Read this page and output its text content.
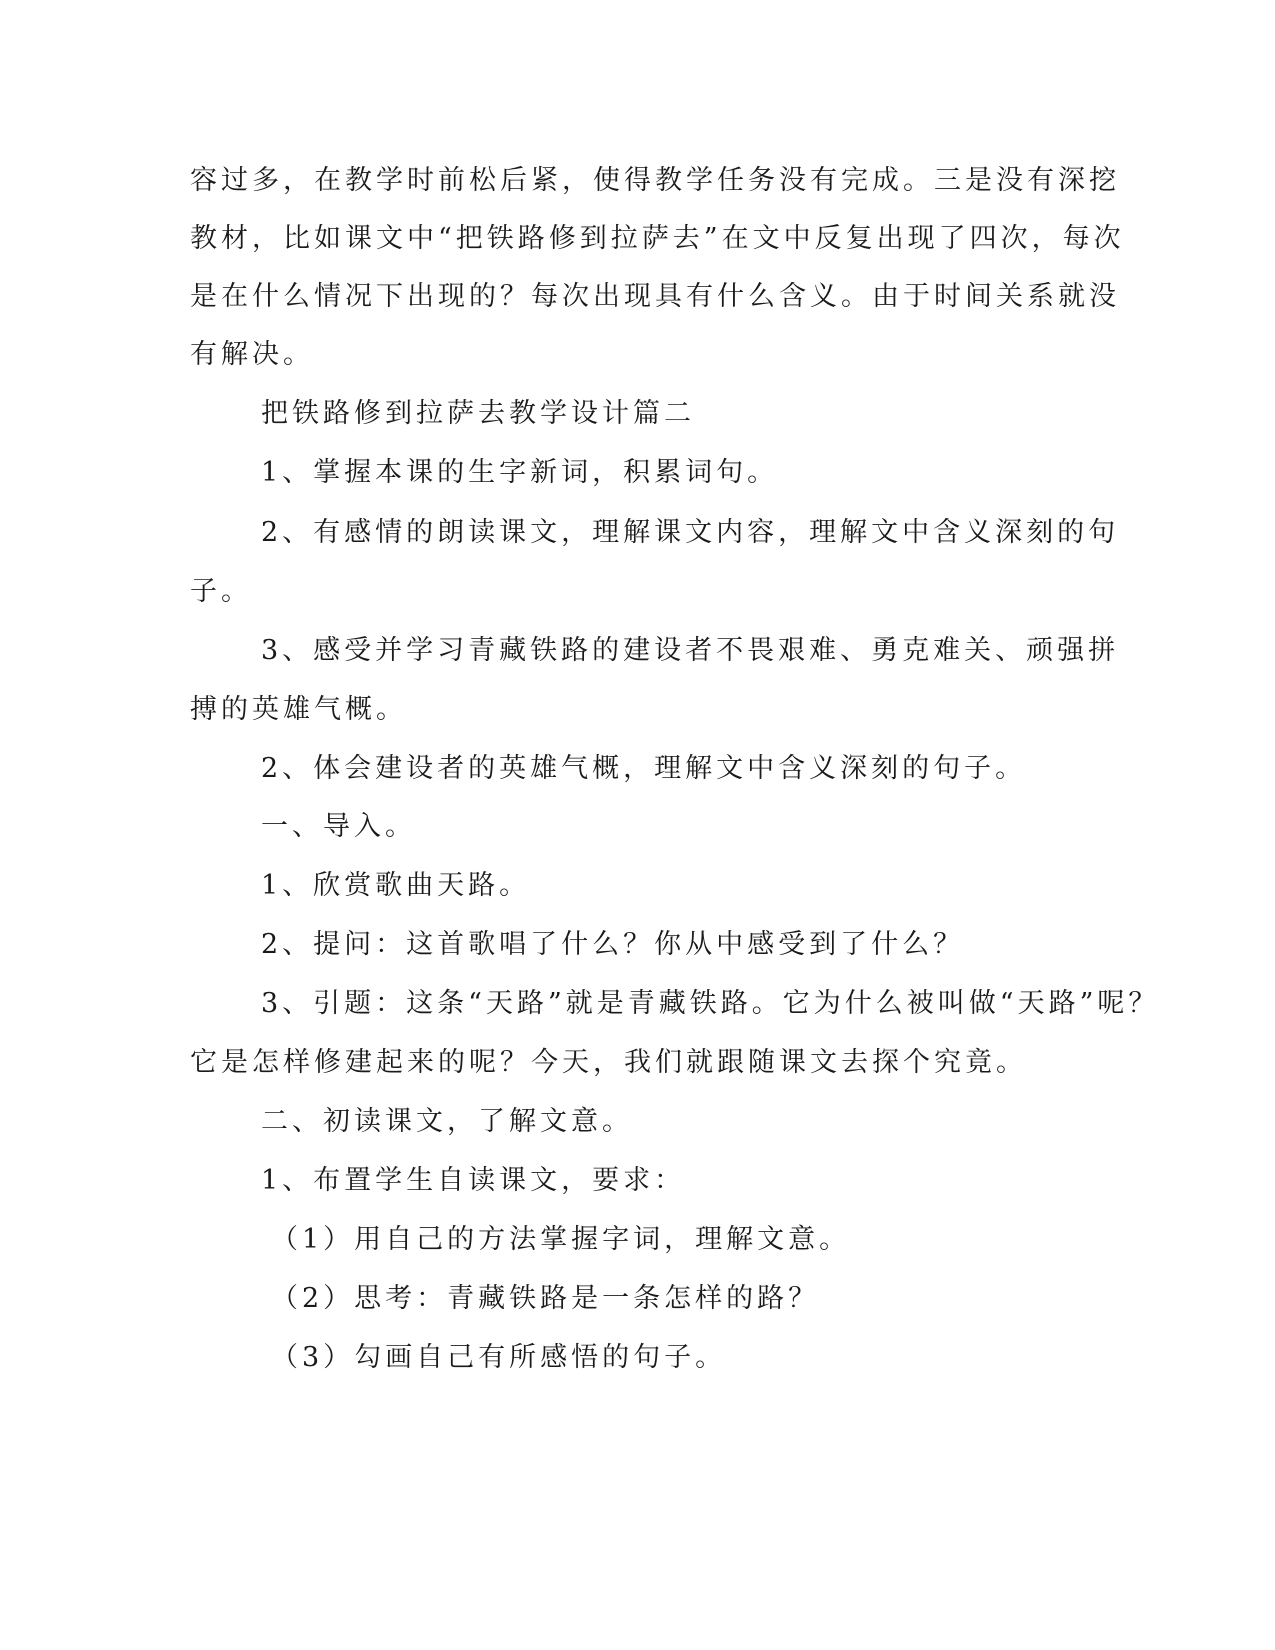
容过多，在教学时前松后紧，使得教学任务没有完成。三是没有深挖
教材，比如课文中“把铁路修到拉萨去”在文中反复出现了四次，每次
是在什么情况下出现的？每次出现具有什么含义。由于时间关系就没
有解决。
把铁路修到拉萨去教学设计篇二
1、掌握本课的生字新词，积累词句。
2、有感情的朗读课文，理解课文内容，理解文中含义深刻的句
子。
3、感受并学习青藏铁路的建设者不畏艰难、勇克难关、顽强拼
搏的英雄气概。
2、体会建设者的英雄气概，理解文中含义深刻的句子。
一、导入。
1、欣赏歌曲天路。
2、提问：这首歌唱了什么？你从中感受到了什么？
3、引题：这条“天路”就是青藏铁路。它为什么被叫做“天路”呢？
它是怎样修建起来的呢？今天，我们就跟随课文去探个究竟。
二、初读课文，了解文意。
1、布置学生自读课文，要求：
（1）用自己的方法掌握字词，理解文意。
（2）思考：青藏铁路是一条怎样的路？
（3）勾画自己有所感悟的句子。
